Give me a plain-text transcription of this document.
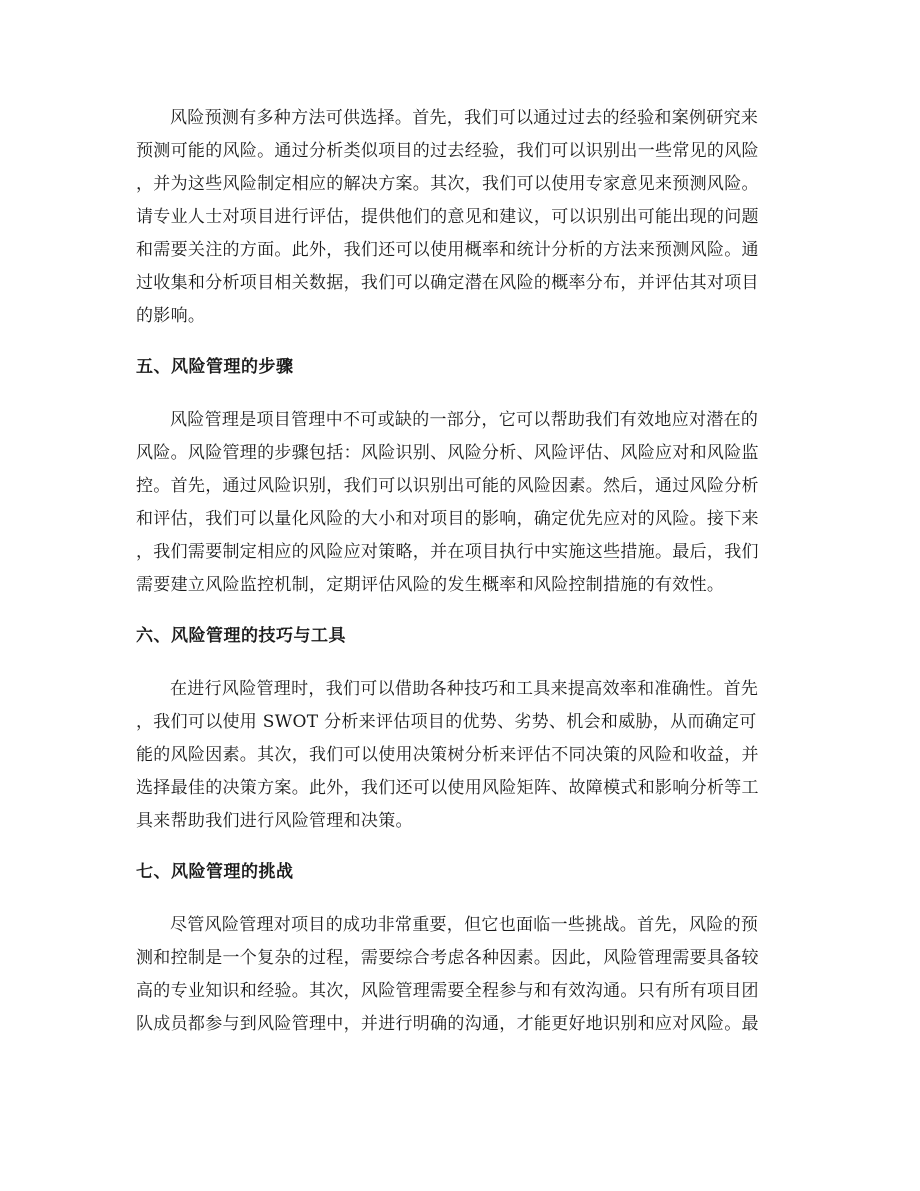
风险预测有多种方法可供选择。首先，我们可以通过过去的经验和案例研究来
预测可能的风险。通过分析类似项目的过去经验，我们可以识别出一些常见的风险
，并为这些风险制定相应的解决方案。其次，我们可以使用专家意见来预测风险。
请专业人士对项目进行评估，提供他们的意见和建议，可以识别出可能出现的问题
和需要关注的方面。此外，我们还可以使用概率和统计分析的方法来预测风险。通
过收集和分析项目相关数据，我们可以确定潜在风险的概率分布，并评估其对项目
的影响。
五、风险管理的步骤
风险管理是项目管理中不可或缺的一部分，它可以帮助我们有效地应对潜在的
风险。风险管理的步骤包括：风险识别、风险分析、风险评估、风险应对和风险监
控。首先，通过风险识别，我们可以识别出可能的风险因素。然后，通过风险分析
和评估，我们可以量化风险的大小和对项目的影响，确定优先应对的风险。接下来
，我们需要制定相应的风险应对策略，并在项目执行中实施这些措施。最后，我们
需要建立风险监控机制，定期评估风险的发生概率和风险控制措施的有效性。
六、风险管理的技巧与工具
在进行风险管理时，我们可以借助各种技巧和工具来提高效率和准确性。首先
，我们可以使用 SWOT 分析来评估项目的优势、劣势、机会和威胁，从而确定可
能的风险因素。其次，我们可以使用决策树分析来评估不同决策的风险和收益，并
选择最佳的决策方案。此外，我们还可以使用风险矩阵、故障模式和影响分析等工
具来帮助我们进行风险管理和决策。
七、风险管理的挑战
尽管风险管理对项目的成功非常重要，但它也面临一些挑战。首先，风险的预
测和控制是一个复杂的过程，需要综合考虑各种因素。因此，风险管理需要具备较
高的专业知识和经验。其次，风险管理需要全程参与和有效沟通。只有所有项目团
队成员都参与到风险管理中，并进行明确的沟通，才能更好地识别和应对风险。最
